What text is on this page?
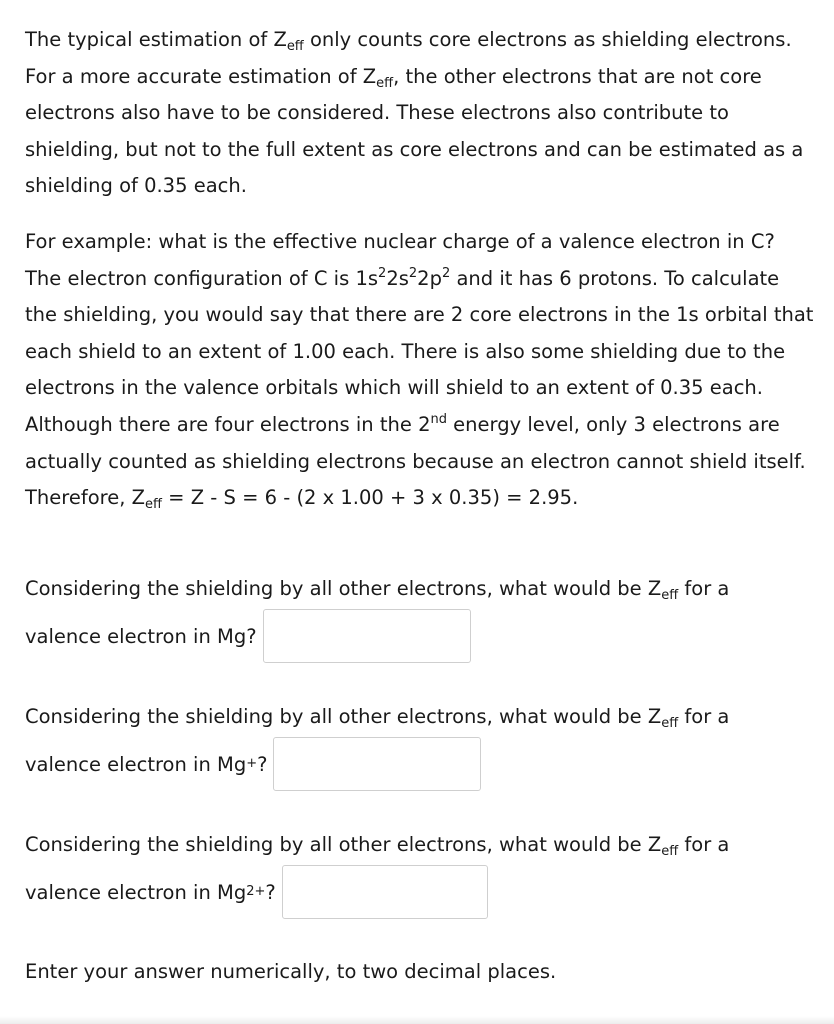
The typical estimation of $Z_{eff}$ only counts core electrons as shielding electrons. For a more accurate estimation of $Z_{eff}$, the other electrons that are not core electrons also have to be considered. These electrons also contribute to shielding, but not to the full extent as core electrons and can be estimated as a shielding of 0.35 each.

For example: what is the effective nuclear charge of a valence electron in C? The electron configuration of C is $1s^22s^22p^2$ and it has 6 protons. To calculate the shielding, you would say that there are 2 core electrons in the 1s orbital that each shield to an extent of 1.00 each. There is also some shielding due to the electrons in the valence orbitals which will shield to an extent of 0.35 each. Although there are four electrons in the 2nd energy level, only 3 electrons are actually counted as shielding electrons because an electron cannot shield itself. Therefore, $Z_{eff} = Z - S = 6 - (2$ x 1.00 + 3 x 0.35) = 2.95.

Considering the shielding by all other electrons, what would be $Z_{eff}$ for a
valence electron in Mg ?
Considering the shielding by all other electrons, what would be $Z_{eff}$ for a
valence electron in Mg + ?
Considering the shielding by all other electrons, what would be $Z_{eff}$ for a
valence electron in Mg 2+ ?

Enter your answer numerically, to two decimal places.
